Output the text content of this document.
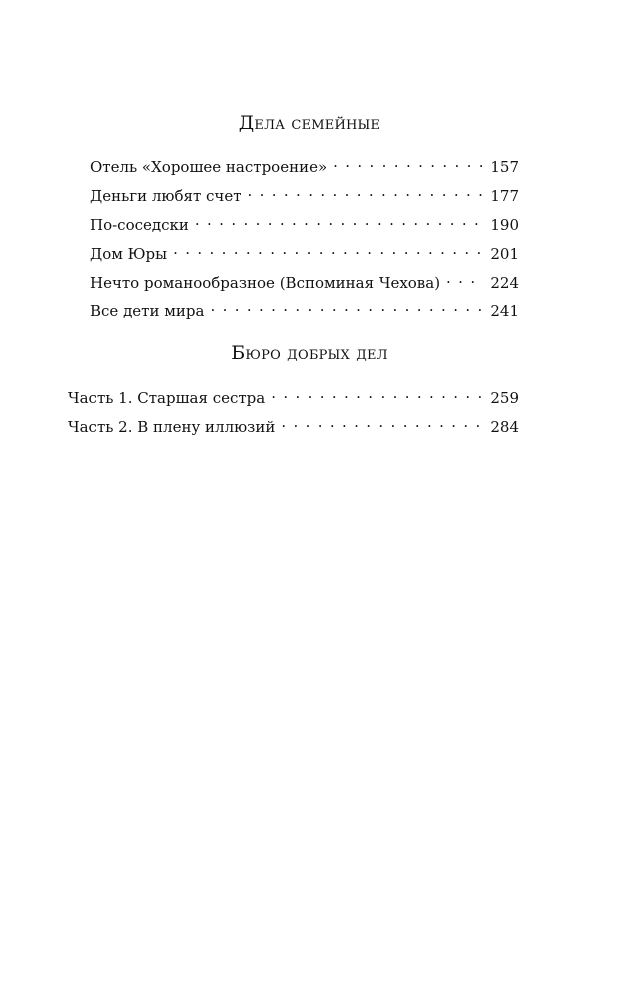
Дела семейные
Отель «Хорошее настроение» . . .	157
Деньги любят счет . . .	177
По-соседски . . .	190
Дом Юры . . .	201
Нечто романообразное (Вспоминая Чехова) . . .	224
Все дети мира . . .	241
Бюро добрых дел
Часть 1. Старшая сестра . . .	259
Часть 2. В плену иллюзий . . .	284
